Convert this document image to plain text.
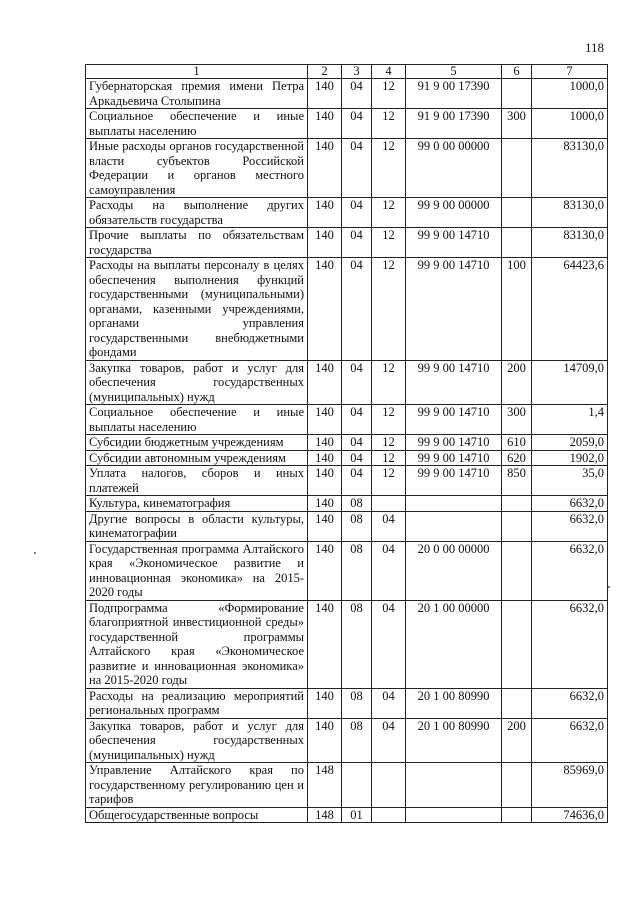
118
1	2	3	4	5	6	7
Губернаторская премия имени Петра Аркадьевича Столыпина	140	04	12	91 9 00 17390		1000,0
Социальное обеспечение и иные выплаты населению	140	04	12	91 9 00 17390	300	1000,0
Иные расходы органов государственной власти субъектов Российской Федерации и органов местного самоуправления	140	04	12	99 0 00 00000		83130,0
Расходы на выполнение других обязательств государства	140	04	12	99 9 00 00000		83130,0
Прочие выплаты по обязательствам государства	140	04	12	99 9 00 14710		83130,0
Расходы на выплаты персоналу в целях обеспечения выполнения функций государственными (муниципальными) органами, казенными учреждениями, органами управления государственными внебюджетными фондами	140	04	12	99 9 00 14710	100	64423,6
Закупка товаров, работ и услуг для обеспечения государственных (муниципальных) нужд	140	04	12	99 9 00 14710	200	14709,0
Социальное обеспечение и иные выплаты населению	140	04	12	99 9 00 14710	300	1,4
Субсидии бюджетным учреждениям	140	04	12	99 9 00 14710	610	2059,0
Субсидии автономным учреждениям	140	04	12	99 9 00 14710	620	1902,0
Уплата налогов, сборов и иных платежей	140	04	12	99 9 00 14710	850	35,0
Культура, кинематография	140	08				6632,0
Другие вопросы в области культуры, кинематографии	140	08	04			6632,0
Государственная программа Алтайского края «Экономическое развитие и инновационная экономика» на 2015-2020 годы	140	08	04	20 0 00 00000		6632,0
Подпрограмма «Формирование благоприятной инвестиционной среды» государственной программы Алтайского края «Экономическое развитие и инновационная экономика» на 2015-2020 годы	140	08	04	20 1 00 00000		6632,0
Расходы на реализацию мероприятий региональных программ	140	08	04	20 1 00 80990		6632,0
Закупка товаров, работ и услуг для обеспечения государственных (муниципальных) нужд	140	08	04	20 1 00 80990	200	6632,0
Управление Алтайского края по государственному регулированию цен и тарифов	148					85969,0
Общегосударственные вопросы	148	01				74636,0
